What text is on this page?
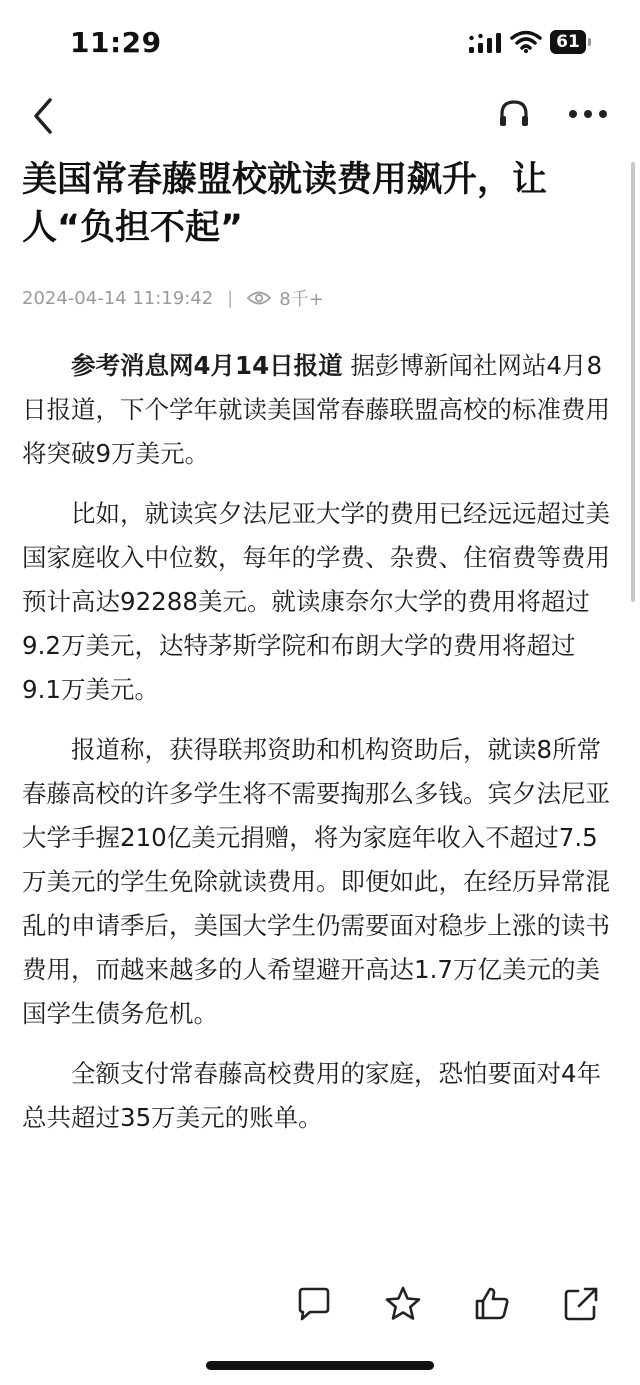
11:29	61
美国常春藤盟校就读费用飙升，让人“负担不起”
2024-04-14 11:19:42 |	8千+

参考消息网4月14日报道 据彭博新闻社网站4月8日报道，下个学年就读美国常春藤联盟高校的标准费用将突破9万美元。

比如，就读宾夕法尼亚大学的费用已经远远超过美国家庭收入中位数，每年的学费、杂费、住宿费等费用预计高达92288美元。就读康奈尔大学的费用将超过9.2万美元，达特茅斯学院和布朗大学的费用将超过9.1万美元。

报道称，获得联邦资助和机构资助后，就读8所常春藤高校的许多学生将不需要掏那么多钱。宾夕法尼亚大学手握210亿美元捐赠，将为家庭年收入不超过7.5万美元的学生免除就读费用。即便如此，在经历异常混乱的申请季后，美国大学生仍需要面对稳步上涨的读书费用，而越来越多的人希望避开高达1.7万亿美元的美国学生债务危机。

全额支付常春藤高校费用的家庭，恐怕要面对4年总共超过35万美元的账单。
